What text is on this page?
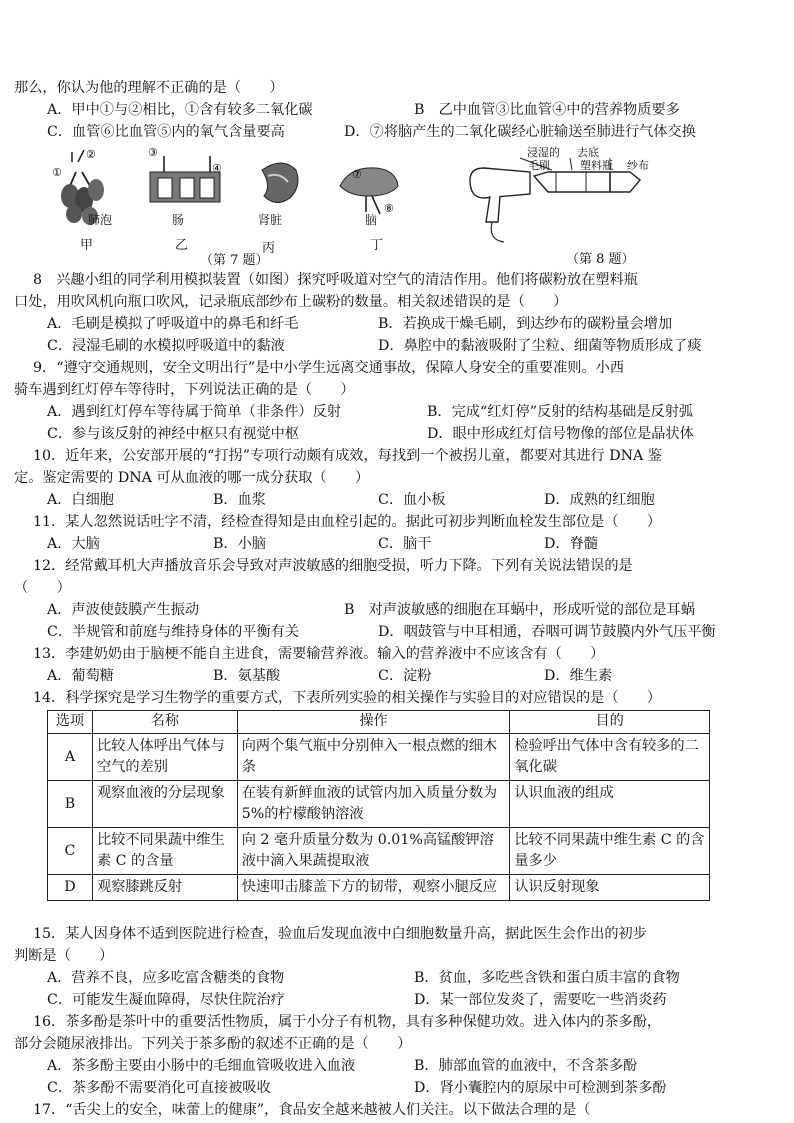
那么，你认为他的理解不正确的是（　　）
A．甲中①与②相比，①含有较多二氧化碳	B　乙中血管③比血管④中的营养物质要多
C．血管⑥比血管⑤内的氧气含量要高	D．⑦将脑产生的二氧化碳经心脏输送至肺进行气体交换
①
②	③
④	⑦
⑧
肺泡	肠	肾脏	脑
甲	乙	丙	丁
（第 7 题）
浸湿的 去底
毛刷	塑料瓶 纱布
（第 8 题）
8　兴趣小组的同学利用模拟装置（如图）探究呼吸道对空气的清洁作用。他们将碳粉放在塑料瓶
口处，用吹风机向瓶口吹风，记录瓶底部纱布上碳粉的数量。相关叙述错误的是（　　）
A．毛刷是模拟了呼吸道中的鼻毛和纤毛	B．若换成干燥毛刷，到达纱布的碳粉量会增加
C．浸湿毛刷的水模拟呼吸道中的黏液	D．鼻腔中的黏液吸附了尘粒、细菌等物质形成了痰
9．“遵守交通规则，安全文明出行”是中小学生远离交通事故，保障人身安全的重要准则。小西
骑车遇到红灯停车等待时，下列说法正确的是（　　）
A．遇到红灯停车等待属于简单（非条件）反射	B．完成“红灯停”反射的结构基础是反射弧
C．参与该反射的神经中枢只有视觉中枢	D．眼中形成红灯信号物像的部位是晶状体
10．近年来，公安部开展的“打拐”专项行动颇有成效，每找到一个被拐儿童，都要对其进行 DNA 鉴
定。鉴定需要的 DNA 可从血液的哪一成分获取（　　）
A．白细胞	B．血浆	C．血小板	D．成熟的红细胞
11．某人忽然说话吐字不清，经检查得知是由血栓引起的。据此可初步判断血栓发生部位是（　　）
A．大脑	B．小脑	C．脑干	D．脊髓
12．经常戴耳机大声播放音乐会导致对声波敏感的细胞受损，听力下降。下列有关说法错误的是
（　　）
A．声波使鼓膜产生振动	B　对声波敏感的细胞在耳蜗中，形成听觉的部位是耳蜗
C．半规管和前庭与维持身体的平衡有关	D．咽鼓管与中耳相通，吞咽可调节鼓膜内外气压平衡
13．李建奶奶由于脑梗不能自主进食，需要输营养液。输入的营养液中不应该含有（　　）
A．葡萄糖	B．氨基酸	C．淀粉	D．维生素
14．科学探究是学习生物学的重要方式，下表所列实验的相关操作与实验目的对应错误的是（　　）
选项	名称	操作	目的
A	比较人体呼出气体与空气的差别	向两个集气瓶中分别伸入一根点燃的细木条	检验呼出气体中含有较多的二氧化碳
B	观察血液的分层现象	在装有新鲜血液的试管内加入质量分数为 5%的柠檬酸钠溶液	认识血液的组成
C	比较不同果蔬中维生素 C 的含量	向 2 毫升质量分数为 0.01%高锰酸钾溶液中滴入果蔬提取液	比较不同果蔬中维生素 C 的含量多少
D	观察膝跳反射	快速叩击膝盖下方的韧带，观察小腿反应	认识反射现象
15．某人因身体不适到医院进行检查，验血后发现血液中白细胞数量升高，据此医生会作出的初步
判断是（　　）
A．营养不良，应多吃富含糖类的食物	B．贫血，多吃些含铁和蛋白质丰富的食物
C．可能发生凝血障碍，尽快住院治疗	D．某一部位发炎了，需要吃一些消炎药
16．茶多酚是茶叶中的重要活性物质，属于小分子有机物，具有多种保健功效。进入体内的茶多酚，
部分会随尿液排出。下列关于茶多酚的叙述不正确的是（　　）
A．茶多酚主要由小肠中的毛细血管吸收进入血液	B．肺部血管的血液中，不含茶多酚
C．茶多酚不需要消化可直接被吸收	D．肾小囊腔内的原尿中可检测到茶多酚
17．“舌尖上的安全，味蕾上的健康”，食品安全越来越被人们关注。以下做法合理的是（
